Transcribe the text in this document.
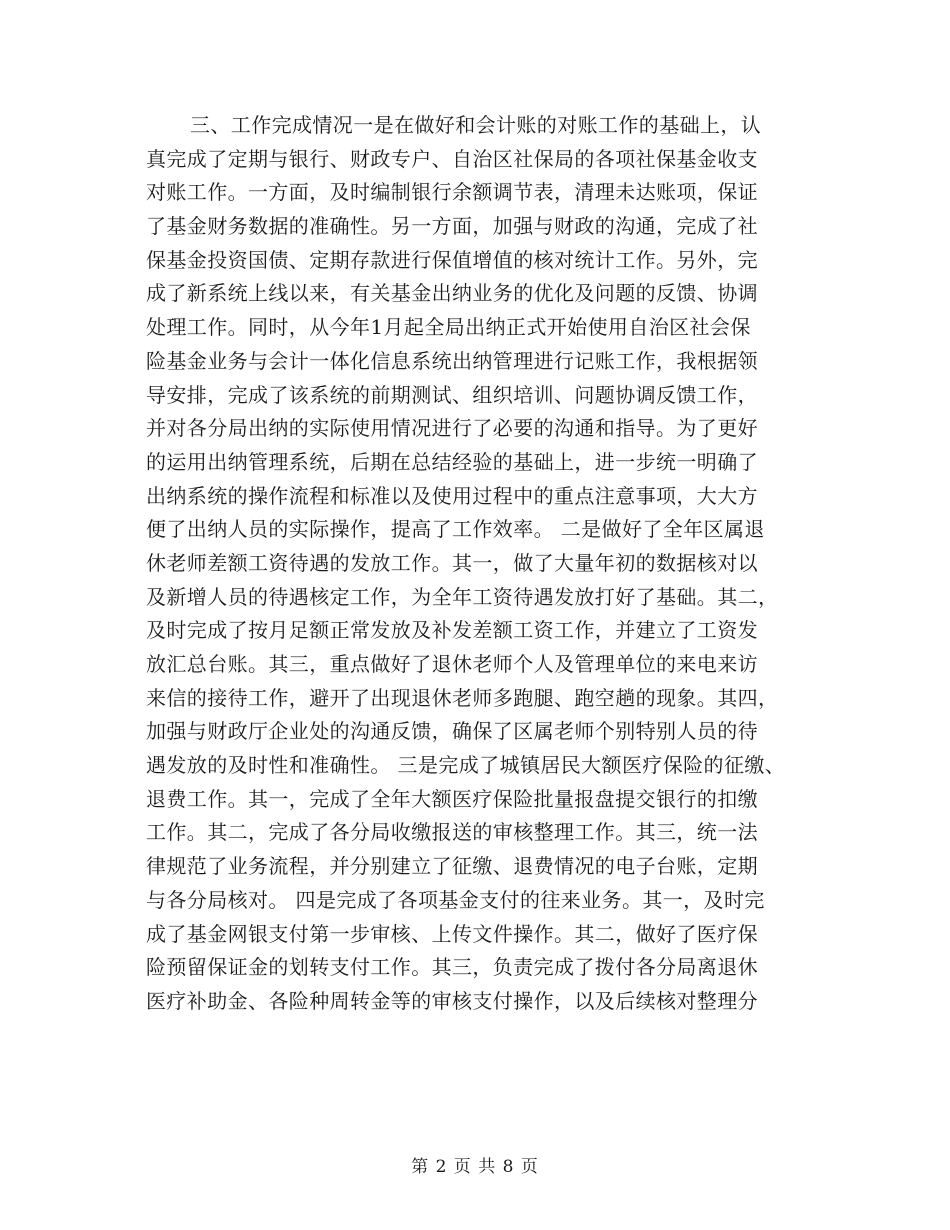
三、工作完成情况一是在做好和会计账的对账工作的基础上，认
真完成了定期与银行、财政专户、自治区社保局的各项社保基金收支
对账工作。一方面，及时编制银行余额调节表，清理未达账项，保证
了基金财务数据的准确性。另一方面，加强与财政的沟通，完成了社
保基金投资国债、定期存款进行保值增值的核对统计工作。另外，完
成了新系统上线以来，有关基金出纳业务的优化及问题的反馈、协调
处理工作。同时，从今年1月起全局出纳正式开始使用自治区社会保
险基金业务与会计一体化信息系统出纳管理进行记账工作，我根据领
导安排，完成了该系统的前期测试、组织培训、问题协调反馈工作，
并对各分局出纳的实际使用情况进行了必要的沟通和指导。为了更好
的运用出纳管理系统，后期在总结经验的基础上，进一步统一明确了
出纳系统的操作流程和标准以及使用过程中的重点注意事项，大大方
便了出纳人员的实际操作，提高了工作效率。 二是做好了全年区属退
休老师差额工资待遇的发放工作。其一，做了大量年初的数据核对以
及新增人员的待遇核定工作，为全年工资待遇发放打好了基础。其二，
及时完成了按月足额正常发放及补发差额工资工作，并建立了工资发
放汇总台账。其三，重点做好了退休老师个人及管理单位的来电来访
来信的接待工作，避开了出现退休老师多跑腿、跑空趟的现象。其四，
加强与财政厅企业处的沟通反馈，确保了区属老师个别特别人员的待
遇发放的及时性和准确性。 三是完成了城镇居民大额医疗保险的征缴、
退费工作。其一，完成了全年大额医疗保险批量报盘提交银行的扣缴
工作。其二，完成了各分局收缴报送的审核整理工作。其三，统一法
律规范了业务流程，并分别建立了征缴、退费情况的电子台账，定期
与各分局核对。 四是完成了各项基金支付的往来业务。其一，及时完
成了基金网银支付第一步审核、上传文件操作。其二，做好了医疗保
险预留保证金的划转支付工作。其三，负责完成了拨付各分局离退休
医疗补助金、各险种周转金等的审核支付操作，以及后续核对整理分
第 2 页 共 8 页
